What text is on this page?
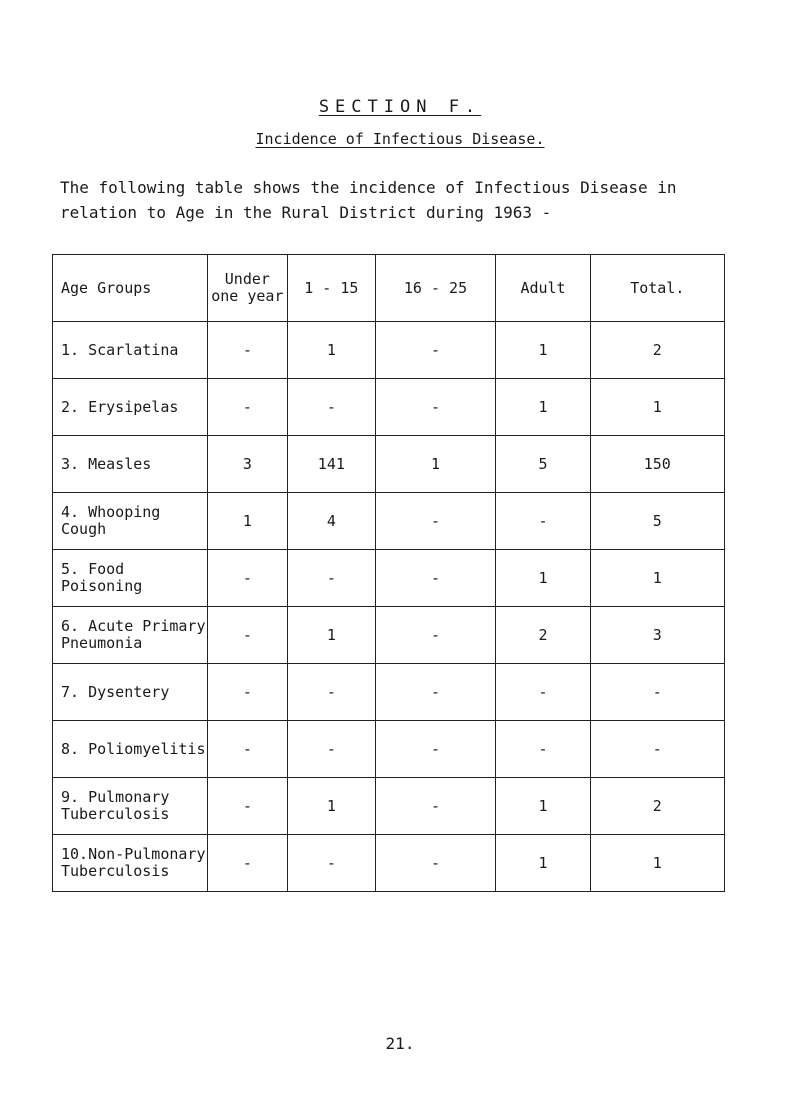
SECTION F.
Incidence of Infectious Disease.
The following table shows the incidence of Infectious Disease in relation to Age in the Rural District during 1963 -
Age Groups	Under one year	1 - 15	16 - 25	Adult	Total.
1. Scarlatina	-	1	-	1	2
2. Erysipelas	-	-	-	1	1
3. Measles	3	141	1	5	150
4. Whooping Cough	1	4	-	-	5
5. Food Poisoning	-	-	-	1	1
6. Acute Primary Pneumonia	-	1	-	2	3
7. Dysentery	-	-	-	-	-
8. Poliomyelitis	-	-	-	-	-
9. Pulmonary Tuberculosis	-	1	-	1	2
10.Non-Pulmonary Tuberculosis	-	-	-	1	1
21.
